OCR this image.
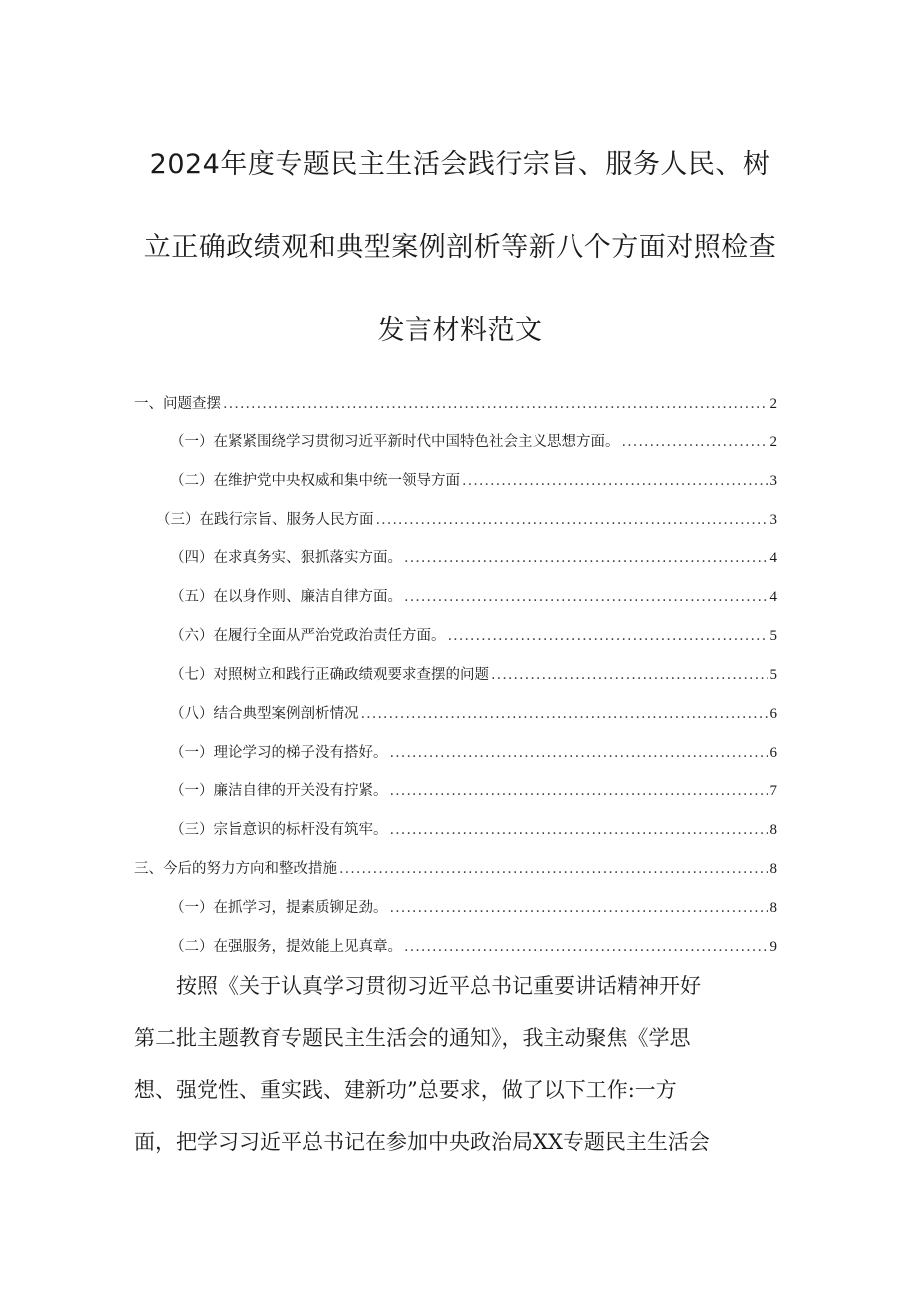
2024年度专题民主生活会践行宗旨、服务人民、树
立正确政绩观和典型案例剖析等新八个方面对照检查
发言材料范文
一、问题查摆 .....	2
（一）在紧紧围绕学习贯彻习近平新时代中国特色社会主义思想方面。 .....	2
（二）在维护党中央权威和集中统一领导方面 .....	3
（三）在践行宗旨、服务人民方面 .....	3
（四）在求真务实、狠抓落实方面。 .....	4
（五）在以身作则、廉洁自律方面。 .....	4
（六）在履行全面从严治党政治责任方面。 .....	5
（七）对照树立和践行正确政绩观要求查摆的问题 .....	5
（八）结合典型案例剖析情况 .....	6
（一）理论学习的梯子没有搭好。 .....	6
（一）廉洁自律的开关没有拧紧。 .....	7
（三）宗旨意识的标杆没有筑牢。 .....	8
三、今后的努力方向和整改措施 .....	8
（一）在抓学习，提素质铆足劲。 .....	8
（二）在强服务，提效能上见真章。 .....	9
按照《关于认真学习贯彻习近平总书记重要讲话精神开好
第二批主题教育专题民主生活会的通知》，我主动聚焦《学思
想、强党性、重实践、建新功”总要求，做了以下工作:一方
面，把学习习近平总书记在参加中央政治局XX专题民主生活会
